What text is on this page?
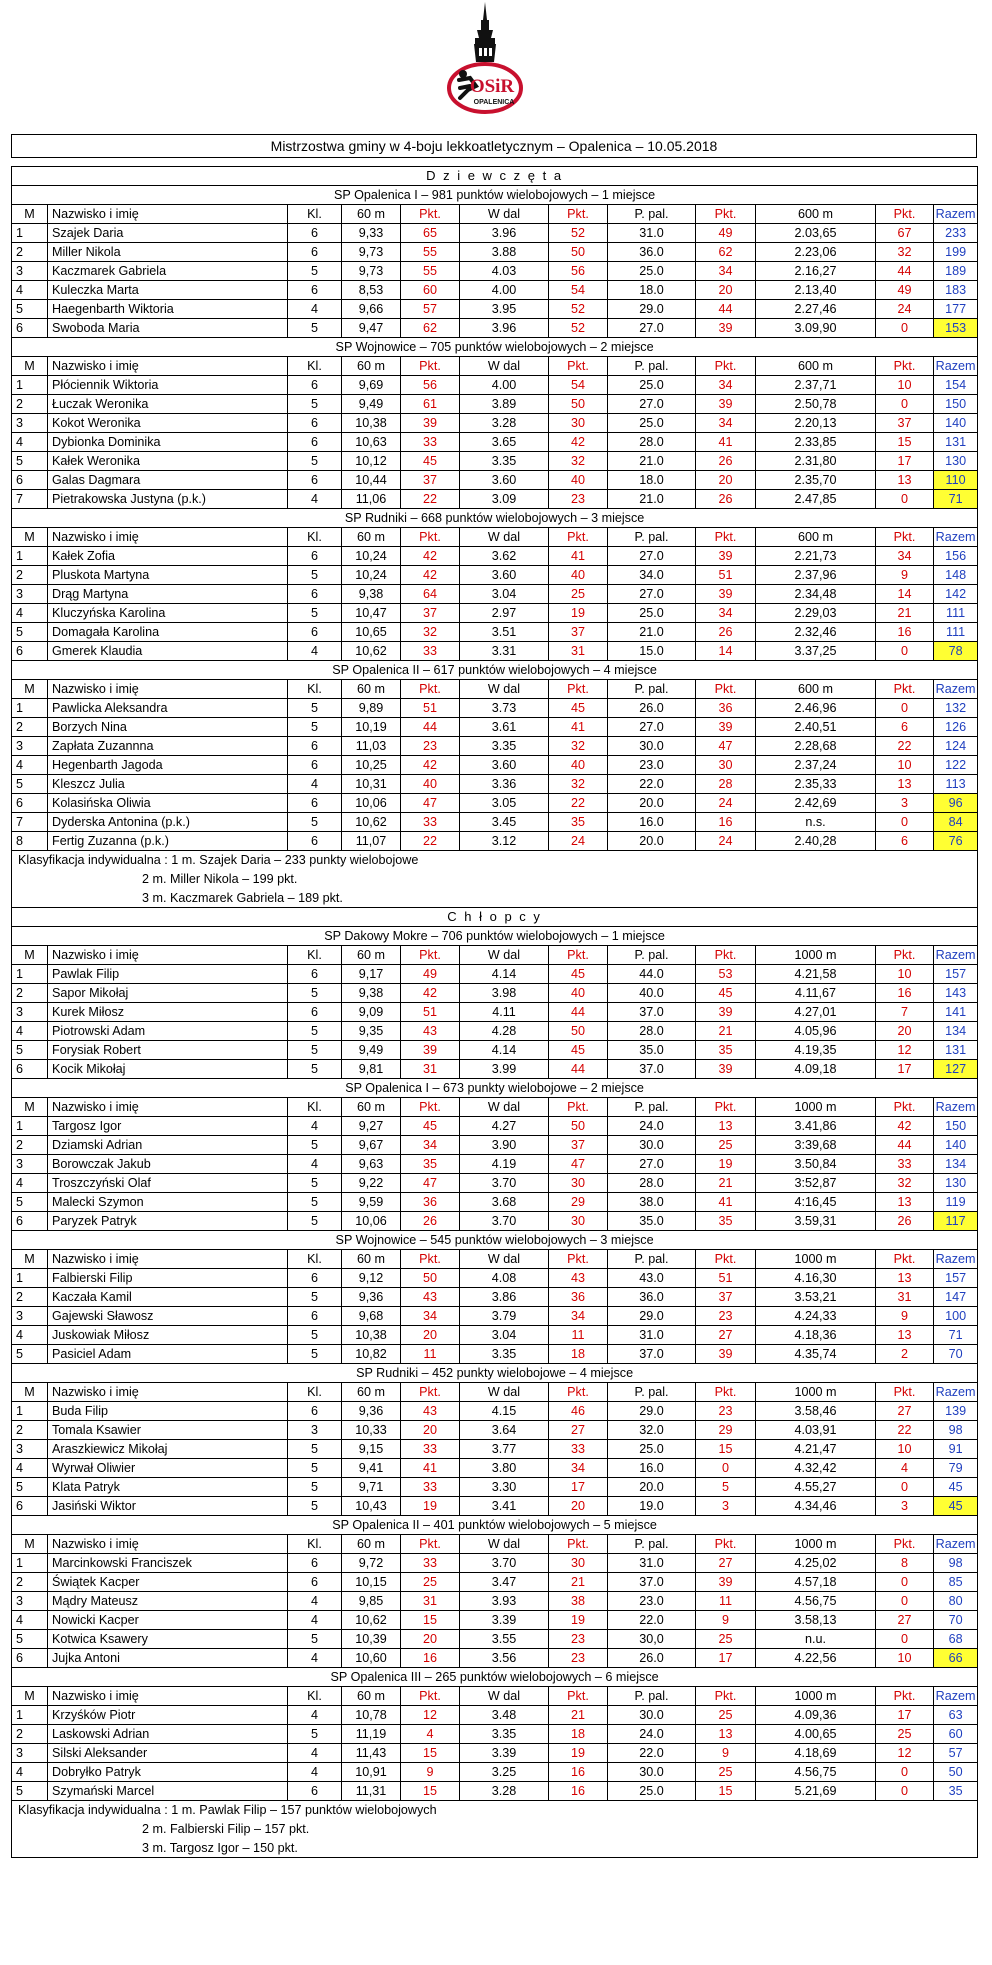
OSiR
OPALENICA
Mistrzostwa gminy w 4-boju lekkoatletycznym – Opalenica – 10.05.2018
D z i e w c z ę t a											
SP Opalenica I – 981 punktów wielobojowych – 1 miejsce											
M	Nazwisko i imię	Kl.	60 m	Pkt.	W dal	Pkt.	P. pal.	Pkt.	600 m	Pkt.	Razem
1	Szajek Daria	6	9,33	65	3.96	52	31.0	49	2.03,65	67	233
2	Miller Nikola	6	9,73	55	3.88	50	36.0	62	2.23,06	32	199
3	Kaczmarek Gabriela	5	9,73	55	4.03	56	25.0	34	2.16,27	44	189
4	Kuleczka Marta	6	8,53	60	4.00	54	18.0	20	2.13,40	49	183
5	Haegenbarth Wiktoria	4	9,66	57	3.95	52	29.0	44	2.27,46	24	177
6	Swoboda Maria	5	9,47	62	3.96	52	27.0	39	3.09,90	0	153
SP Wojnowice – 705 punktów wielobojowych – 2 miejsce											
M	Nazwisko i imię	Kl.	60 m	Pkt.	W dal	Pkt.	P. pal.	Pkt.	600 m	Pkt.	Razem
1	Płóciennik Wiktoria	6	9,69	56	4.00	54	25.0	34	2.37,71	10	154
2	Łuczak Weronika	5	9,49	61	3.89	50	27.0	39	2.50,78	0	150
3	Kokot Weronika	6	10,38	39	3.28	30	25.0	34	2.20,13	37	140
4	Dybionka Dominika	6	10,63	33	3.65	42	28.0	41	2.33,85	15	131
5	Kałek Weronika	5	10,12	45	3.35	32	21.0	26	2.31,80	17	130
6	Galas Dagmara	6	10,44	37	3.60	40	18.0	20	2.35,70	13	110
7	Pietrakowska Justyna (p.k.)	4	11,06	22	3.09	23	21.0	26	2.47,85	0	71
SP Rudniki – 668 punktów wielobojowych – 3 miejsce											
M	Nazwisko i imię	Kl.	60 m	Pkt.	W dal	Pkt.	P. pal.	Pkt.	600 m	Pkt.	Razem
1	Kałek Zofia	6	10,24	42	3.62	41	27.0	39	2.21,73	34	156
2	Pluskota Martyna	5	10,24	42	3.60	40	34.0	51	2.37,96	9	148
3	Drąg Martyna	6	9,38	64	3.04	25	27.0	39	2.34,48	14	142
4	Kluczyńska Karolina	5	10,47	37	2.97	19	25.0	34	2.29,03	21	111
5	Domagała Karolina	6	10,65	32	3.51	37	21.0	26	2.32,46	16	111
6	Gmerek Klaudia	4	10,62	33	3.31	31	15.0	14	3.37,25	0	78
SP Opalenica II – 617 punktów wielobojowych – 4 miejsce											
M	Nazwisko i imię	Kl.	60 m	Pkt.	W dal	Pkt.	P. pal.	Pkt.	600 m	Pkt.	Razem
1	Pawlicka Aleksandra	5	9,89	51	3.73	45	26.0	36	2.46,96	0	132
2	Borzych Nina	5	10,19	44	3.61	41	27.0	39	2.40,51	6	126
3	Zapłata Zuzannna	6	11,03	23	3.35	32	30.0	47	2.28,68	22	124
4	Hegenbarth Jagoda	6	10,25	42	3.60	40	23.0	30	2.37,24	10	122
5	Kleszcz Julia	4	10,31	40	3.36	32	22.0	28	2.35,33	13	113
6	Kolasińska Oliwia	6	10,06	47	3.05	22	20.0	24	2.42,69	3	96
7	Dyderska Antonina (p.k.)	5	10,62	33	3.45	35	16.0	16	n.s.	0	84
8	Fertig Zuzanna (p.k.)	6	11,07	22	3.12	24	20.0	24	2.40,28	6	76
Klasyfikacja indywidualna : 1 m. Szajek Daria – 233 punkty wielobojowe											
2 m. Miller Nikola – 199 pkt.											
3 m. Kaczmarek Gabriela – 189 pkt.											
C h ł o p c y											
SP Dakowy Mokre – 706 punktów wielobojowych – 1 miejsce											
M	Nazwisko i imię	Kl.	60 m	Pkt.	W dal	Pkt.	P. pal.	Pkt.	1000 m	Pkt.	Razem
1	Pawlak Filip	6	9,17	49	4.14	45	44.0	53	4.21,58	10	157
2	Sapor Mikołaj	5	9,38	42	3.98	40	40.0	45	4.11,67	16	143
3	Kurek Miłosz	6	9,09	51	4.11	44	37.0	39	4.27,01	7	141
4	Piotrowski Adam	5	9,35	43	4.28	50	28.0	21	4.05,96	20	134
5	Forysiak Robert	5	9,49	39	4.14	45	35.0	35	4.19,35	12	131
6	Kocik Mikołaj	5	9,81	31	3.99	44	37.0	39	4.09,18	17	127
SP Opalenica I – 673 punkty wielobojowe – 2 miejsce											
M	Nazwisko i imię	Kl.	60 m	Pkt.	W dal	Pkt.	P. pal.	Pkt.	1000 m	Pkt.	Razem
1	Targosz Igor	4	9,27	45	4.27	50	24.0	13	3.41,86	42	150
2	Dziamski Adrian	5	9,67	34	3.90	37	30.0	25	3:39,68	44	140
3	Borowczak Jakub	4	9,63	35	4.19	47	27.0	19	3.50,84	33	134
4	Troszczyński Olaf	5	9,22	47	3.70	30	28.0	21	3:52,87	32	130
5	Malecki Szymon	5	9,59	36	3.68	29	38.0	41	4:16,45	13	119
6	Paryzek Patryk	5	10,06	26	3.70	30	35.0	35	3.59,31	26	117
SP Wojnowice – 545 punktów wielobojowych – 3 miejsce											
M	Nazwisko i imię	Kl.	60 m	Pkt.	W dal	Pkt.	P. pal.	Pkt.	1000 m	Pkt.	Razem
1	Falbierski Filip	6	9,12	50	4.08	43	43.0	51	4.16,30	13	157
2	Kaczała Kamil	5	9,36	43	3.86	36	36.0	37	3.53,21	31	147
3	Gajewski Sławosz	6	9,68	34	3.79	34	29.0	23	4.24,33	9	100
4	Juskowiak Miłosz	5	10,38	20	3.04	11	31.0	27	4.18,36	13	71
5	Pasiciel Adam	5	10,82	11	3.35	18	37.0	39	4.35,74	2	70
SP Rudniki – 452 punkty wielobojowe – 4 miejsce											
M	Nazwisko i imię	Kl.	60 m	Pkt.	W dal	Pkt.	P. pal.	Pkt.	1000 m	Pkt.	Razem
1	Buda Filip	6	9,36	43	4.15	46	29.0	23	3.58,46	27	139
2	Tomala Ksawier	3	10,33	20	3.64	27	32.0	29	4.03,91	22	98
3	Araszkiewicz Mikołaj	5	9,15	33	3.77	33	25.0	15	4.21,47	10	91
4	Wyrwał Oliwier	5	9,41	41	3.80	34	16.0	0	4.32,42	4	79
5	Klata Patryk	5	9,71	33	3.30	17	20.0	5	4.55,27	0	45
6	Jasiński Wiktor	5	10,43	19	3.41	20	19.0	3	4.34,46	3	45
SP Opalenica II – 401 punktów wielobojowych – 5 miejsce											
M	Nazwisko i imię	Kl.	60 m	Pkt.	W dal	Pkt.	P. pal.	Pkt.	1000 m	Pkt.	Razem
1	Marcinkowski Franciszek	6	9,72	33	3.70	30	31.0	27	4.25,02	8	98
2	Świątek Kacper	6	10,15	25	3.47	21	37.0	39	4.57,18	0	85
3	Mądry Mateusz	4	9,85	31	3.93	38	23.0	11	4.56,75	0	80
4	Nowicki Kacper	4	10,62	15	3.39	19	22.0	9	3.58,13	27	70
5	Kotwica Ksawery	5	10,39	20	3.55	23	30,0	25	n.u.	0	68
6	Jujka Antoni	4	10,60	16	3.56	23	26.0	17	4.22,56	10	66
SP Opalenica III – 265 punktów wielobojowych – 6 miejsce											
M	Nazwisko i imię	Kl.	60 m	Pkt.	W dal	Pkt.	P. pal.	Pkt.	1000 m	Pkt.	Razem
1	Krzyśków Piotr	4	10,78	12	3.48	21	30.0	25	4.09,36	17	63
2	Laskowski Adrian	5	11,19	4	3.35	18	24.0	13	4.00,65	25	60
3	Silski Aleksander	4	11,43	15	3.39	19	22.0	9	4.18,69	12	57
4	Dobryłko Patryk	4	10,91	9	3.25	16	30.0	25	4.56,75	0	50
5	Szymański Marcel	6	11,31	15	3.28	16	25.0	15	5.21,69	0	35
Klasyfikacja indywidualna : 1 m. Pawlak Filip – 157 punktów wielobojowych											
2 m. Falbierski Filip – 157 pkt.											
3 m. Targosz Igor – 150 pkt.											
